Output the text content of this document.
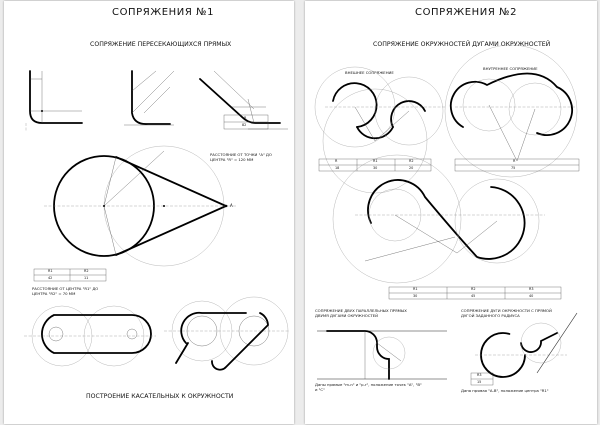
СОПРЯЖЕНИЯ №1
СОПРЯЖЕНИЕ ПЕРЕСЕКАЮЩИХСЯ ПРЯМЫХ
А
R
82
РАССТОЯНИЕ ОТ ТОЧКИ "А" ДО ЦЕНТРА "R" = 120 ММ
R1	R2
42	11
РАССТОЯНИЕ ОТ ЦЕНТРА "R1" ДО ЦЕНТРА "R2" = 70 ММ
ПОСТРОЕНИЕ КАСАТЕЛЬНЫХ К ОКРУЖНОСТИ
СОПРЯЖЕНИЯ №2
СОПРЯЖЕНИЕ ОКРУЖНОСТЕЙ ДУГАМИ ОКРУЖНОСТЕЙ
ВНЕШНЕЕ СОПРЯЖЕНИЕ
ВНУТРЕННЕЕ СОПРЯЖЕНИЕ
R	R1	R2
18	30	20
R
75
R1	R2	R3
30	45	40
СОПРЯЖЕНИЕ ДВУХ ПАРАЛЛЕЛЬНЫХ ПРЯМЫХ ДВУМЯ ДУГАМИ ОКРУЖНОСТЕЙ
СОПРЯЖЕНИЕ ДУГИ ОКРУЖНОСТИ С ПРЯМОЙ ДУГОЙ ЗАДАННОГО РАДИУСА
Даны прямые "m-n" и "p-r", положение точек "А", "В" и "С"	Дана прямая "А-В", положение центра "R1"
R3
15
